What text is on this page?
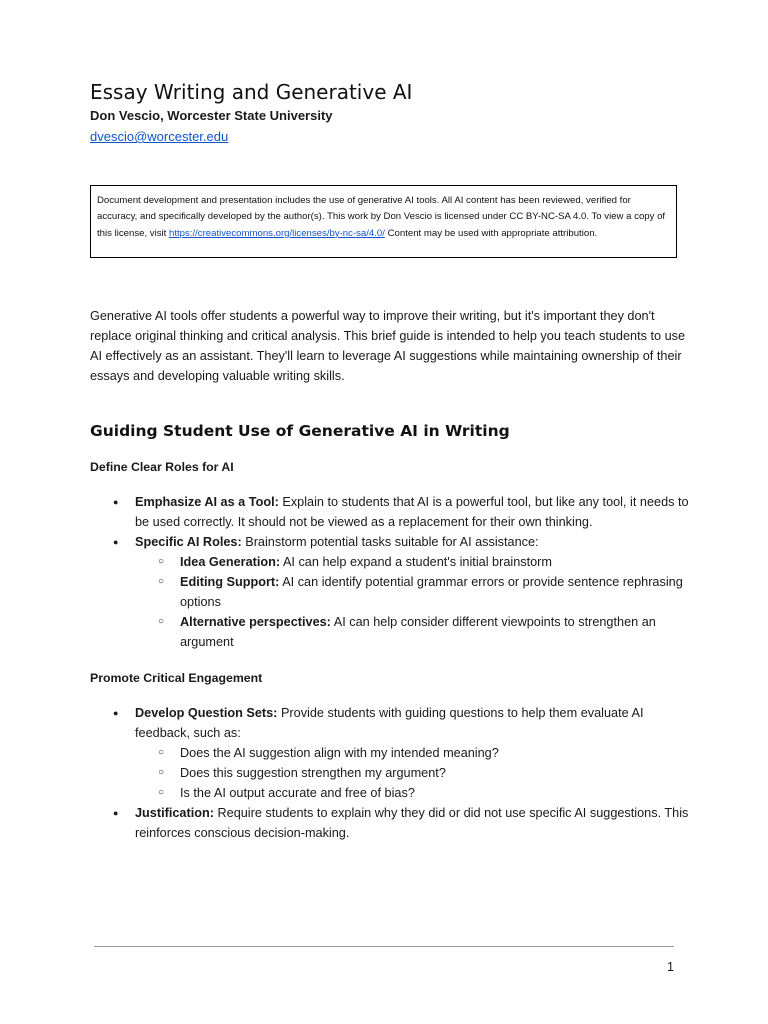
Essay Writing and Generative AI

Don Vescio, Worcester State University

dvescio@worcester.edu
Document development and presentation includes the use of generative AI tools. All AI content has been reviewed, verified for accuracy, and specifically developed by the author(s). This work by Don Vescio is licensed under CC BY-NC-SA 4.0. To view a copy of this license, visit https://creativecommons.org/licenses/by-nc-sa/4.0/ Content may be used with appropriate attribution.

Generative AI tools offer students a powerful way to improve their writing, but it's important they don't replace original thinking and critical analysis. This brief guide is intended to help you teach students to use AI effectively as an assistant. They'll learn to leverage AI suggestions while maintaining ownership of their essays and developing valuable writing skills.

Guiding Student Use of Generative AI in Writing
Define Clear Roles for AI
● Emphasize AI as a Tool: Explain to students that AI is a powerful tool, but like any tool, it needs to be used correctly. It should not be viewed as a replacement for their own thinking.
● Specific AI Roles: Brainstorm potential tasks suitable for AI assistance:
○ Idea Generation: AI can help expand a student's initial brainstorm
○ Editing Support: AI can identify potential grammar errors or provide sentence rephrasing options
○ Alternative perspectives: AI can help consider different viewpoints to strengthen an argument
Promote Critical Engagement
● Develop Question Sets: Provide students with guiding questions to help them evaluate AI feedback, such as:
○ Does the AI suggestion align with my intended meaning?
○ Does this suggestion strengthen my argument?
○ Is the AI output accurate and free of bias?
● Justification: Require students to explain why they did or did not use specific AI suggestions. This reinforces conscious decision-making.

1
